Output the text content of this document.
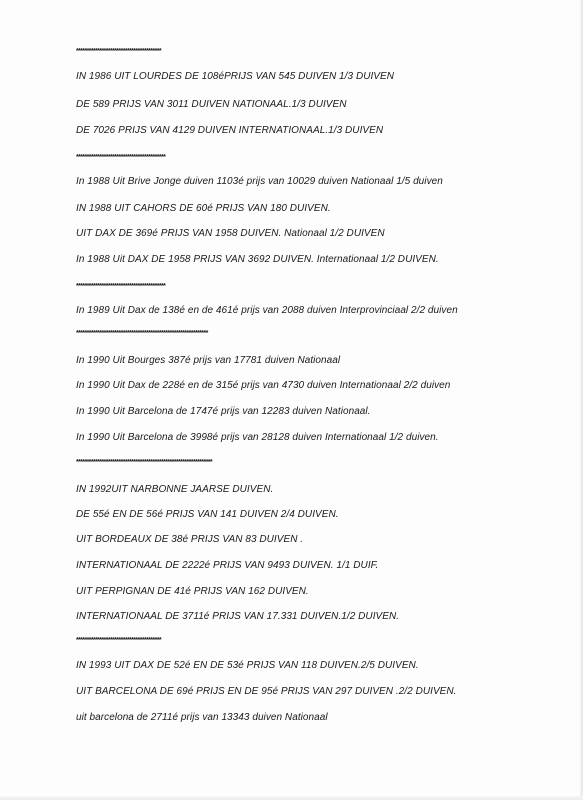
****************************************
IN 1986 UIT LOURDES DE 108éPRIJS VAN 545 DUIVEN 1/3 DUIVEN
DE 589 PRIJS VAN 3011 DUIVEN NATIONAAL.1/3 DUIVEN
DE 7026 PRIJS VAN 4129 DUIVEN INTERNATIONAAL.1/3 DUIVEN
******************************************
In 1988 Uit Brive Jonge duiven 1103é prijs van 10029 duiven Nationaal 1/5 duiven
IN 1988 UIT CAHORS DE 60é PRIJS VAN 180 DUIVEN.
UIT DAX DE 369é PRIJS VAN 1958 DUIVEN. Nationaal 1/2 DUIVEN
In 1988 Uit DAX DE 1958 PRIJS VAN 3692 DUIVEN. Internationaal 1/2 DUIVEN.
******************************************
In 1989 Uit Dax de 138é en de 461é prijs van 2088 duiven Interprovinciaal 2/2 duiven
**************************************************************
In 1990 Uit Bourges 387é prijs van 17781 duiven Nationaal
In 1990 Uit Dax de 228é en de 315é prijs van 4730 duiven Internationaal 2/2 duiven
In 1990 Uit Barcelona de 1747é prijs van 12283 duiven Nationaal.
In 1990 Uit Barcelona de 3998é prijs van 28128 duiven Internationaal 1/2 duiven.
****************************************************************
IN 1992UIT NARBONNE JAARSE DUIVEN.
DE 55é EN DE 56é PRIJS VAN 141 DUIVEN 2/4 DUIVEN.
UIT BORDEAUX DE 38é PRIJS VAN 83 DUIVEN .
INTERNATIONAAL DE 2222é PRIJS VAN 9493 DUIVEN. 1/1 DUIF.
UIT PERPIGNAN DE 41é PRIJS VAN 162 DUIVEN.
INTERNATIONAAL DE 3711é PRIJS VAN 17.331 DUIVEN.1/2 DUIVEN.
****************************************
IN 1993 UIT DAX DE 52é EN DE 53é PRIJS VAN 118 DUIVEN.2/5 DUIVEN.
UIT BARCELONA DE 69é PRIJS EN DE 95é PRIJS VAN 297 DUIVEN .2/2 DUIVEN.
uit barcelona de 2711é prijs van 13343 duiven Nationaal
